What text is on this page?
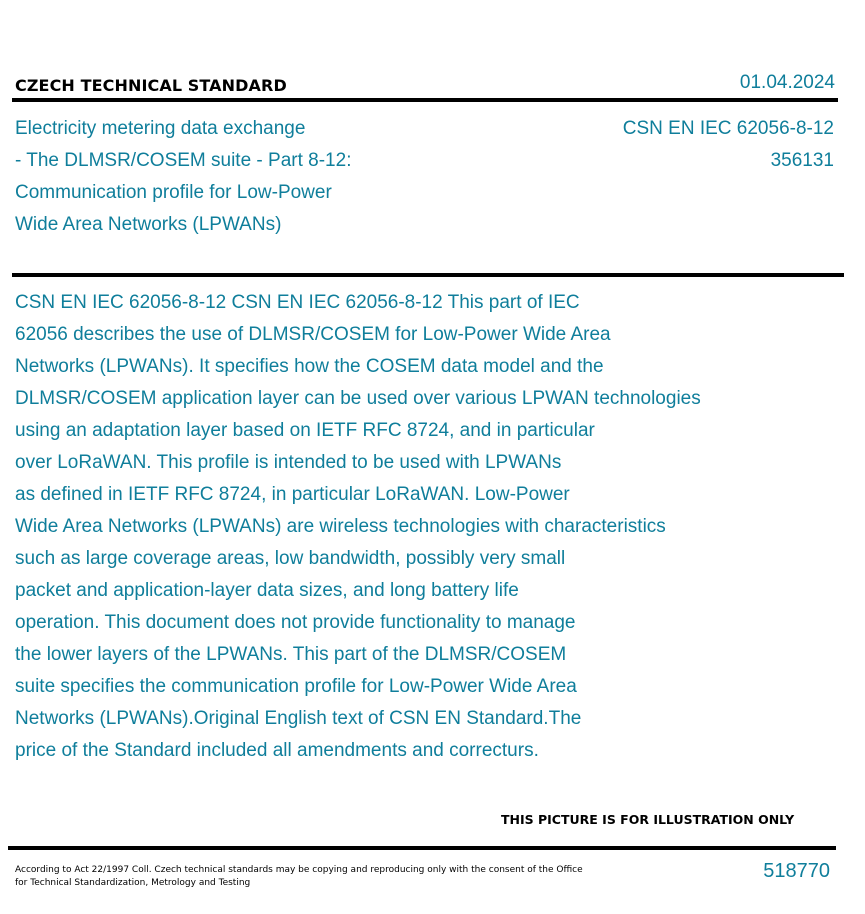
CZECH TECHNICAL STANDARD	01.04.2024
Electricity metering data exchange
- The DLMSR/COSEM suite - Part 8-12:
Communication profile for Low-Power
Wide Area Networks (LPWANs)
CSN EN IEC 62056-8-12
356131
CSN EN IEC 62056-8-12 CSN EN IEC 62056-8-12 This part of IEC
62056 describes the use of DLMSR/COSEM for Low-Power Wide Area
Networks (LPWANs). It specifies how the COSEM data model and the
DLMSR/COSEM application layer can be used over various LPWAN technologies
using an adaptation layer based on IETF RFC 8724, and in particular
over LoRaWAN. This profile is intended to be used with LPWANs
as defined in IETF RFC 8724, in particular LoRaWAN. Low-Power
Wide Area Networks (LPWANs) are wireless technologies with characteristics
such as large coverage areas, low bandwidth, possibly very small
packet and application-layer data sizes, and long battery life
operation. This document does not provide functionality to manage
the lower layers of the LPWANs. This part of the DLMSR/COSEM
suite specifies the communication profile for Low-Power Wide Area
Networks (LPWANs).Original English text of CSN EN Standard.The
price of the Standard included all amendments and correcturs.
THIS PICTURE IS FOR ILLUSTRATION ONLY
According to Act 22/1997 Coll. Czech technical standards may be copying and reproducing only with the consent of the Office
for Technical Standardization, Metrology and Testing
518770
